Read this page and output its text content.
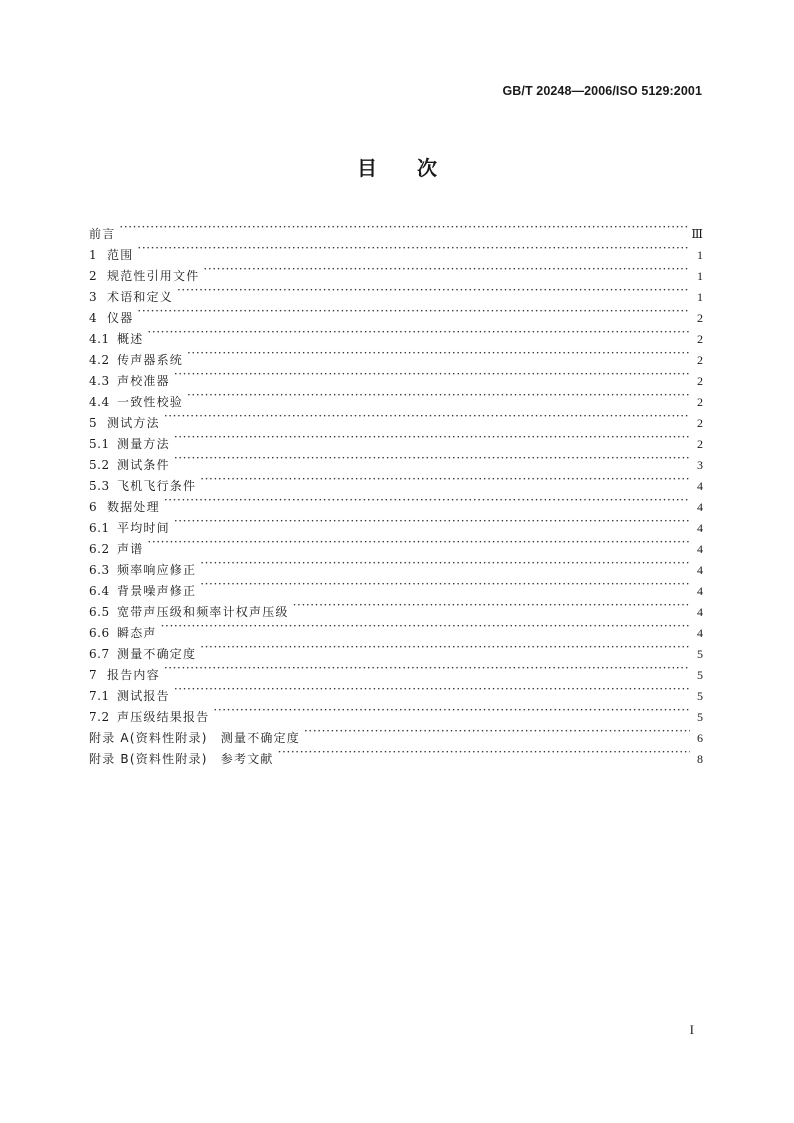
GB/T 20248—2006/ISO 5129:2001
目 次
前言 ·····	Ⅲ
1 范围 ·····	1
2 规范性引用文件 ·····	1
3 术语和定义 ·····	1
4 仪器 ·····	2
4.1 概述 ·····	2
4.2 传声器系统 ·····	2
4.3 声校准器 ·····	2
4.4 一致性校验 ·····	2
5 测试方法 ·····	2
5.1 测量方法 ·····	2
5.2 测试条件 ·····	3
5.3 飞机飞行条件 ·····	4
6 数据处理 ·····	4
6.1 平均时间 ·····	4
6.2 声谱 ·····	4
6.3 频率响应修正 ·····	4
6.4 背景噪声修正 ·····	4
6.5 宽带声压级和频率计权声压级 ·····	4
6.6 瞬态声 ·····	4
6.7 测量不确定度 ·····	5
7 报告内容 ·····	5
7.1 测试报告 ·····	5
7.2 声压级结果报告 ·····	5
附录 A(资料性附录)　测量不确定度 ·····	6
附录 B(资料性附录)　参考文献 ·····	8
I
